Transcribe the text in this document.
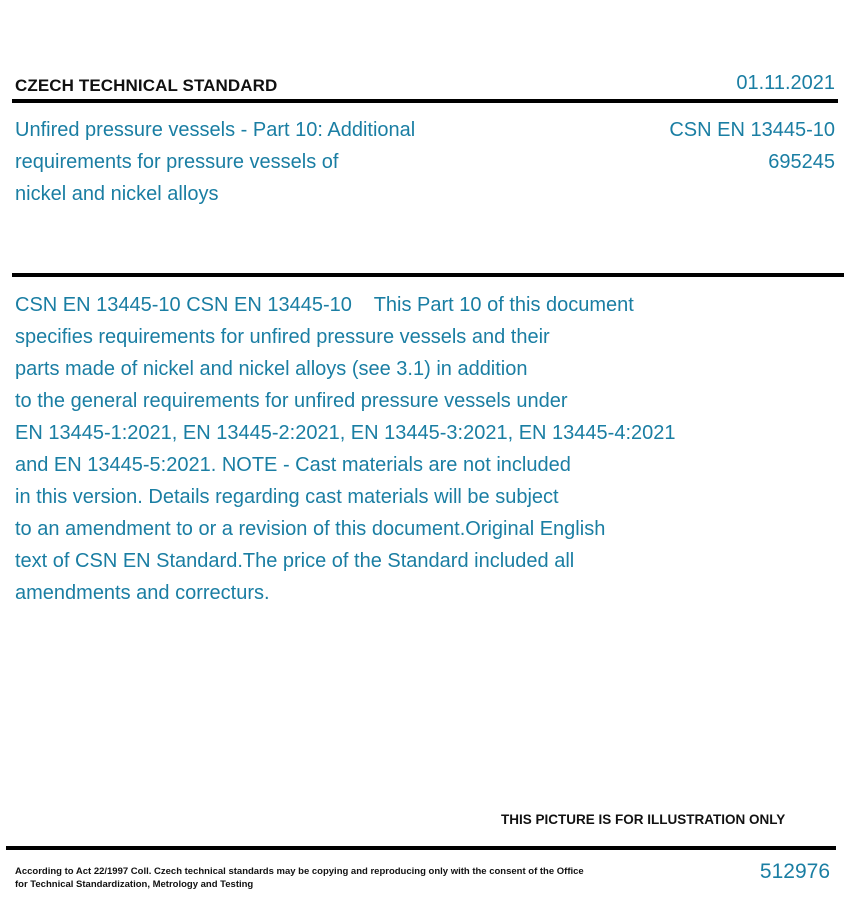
CZECH TECHNICAL STANDARD	01.11.2021
Unfired pressure vessels - Part 10: Additional
requirements for pressure vessels of
nickel and nickel alloys
CSN EN 13445-10
695245
CSN EN 13445-10 CSN EN 13445-10    This Part 10 of this document
specifies requirements for unfired pressure vessels and their
parts made of nickel and nickel alloys (see 3.1) in addition
to the general requirements for unfired pressure vessels under
EN 13445-1:2021, EN 13445-2:2021, EN 13445-3:2021, EN 13445-4:2021
and EN 13445-5:2021. NOTE - Cast materials are not included
in this version. Details regarding cast materials will be subject
to an amendment to or a revision of this document.Original English
text of CSN EN Standard.The price of the Standard included all
amendments and correcturs.
THIS PICTURE IS FOR ILLUSTRATION ONLY
According to Act 22/1997 Coll. Czech technical standards may be copying and reproducing only with the consent of the Office
for Technical Standardization, Metrology and Testing
512976
